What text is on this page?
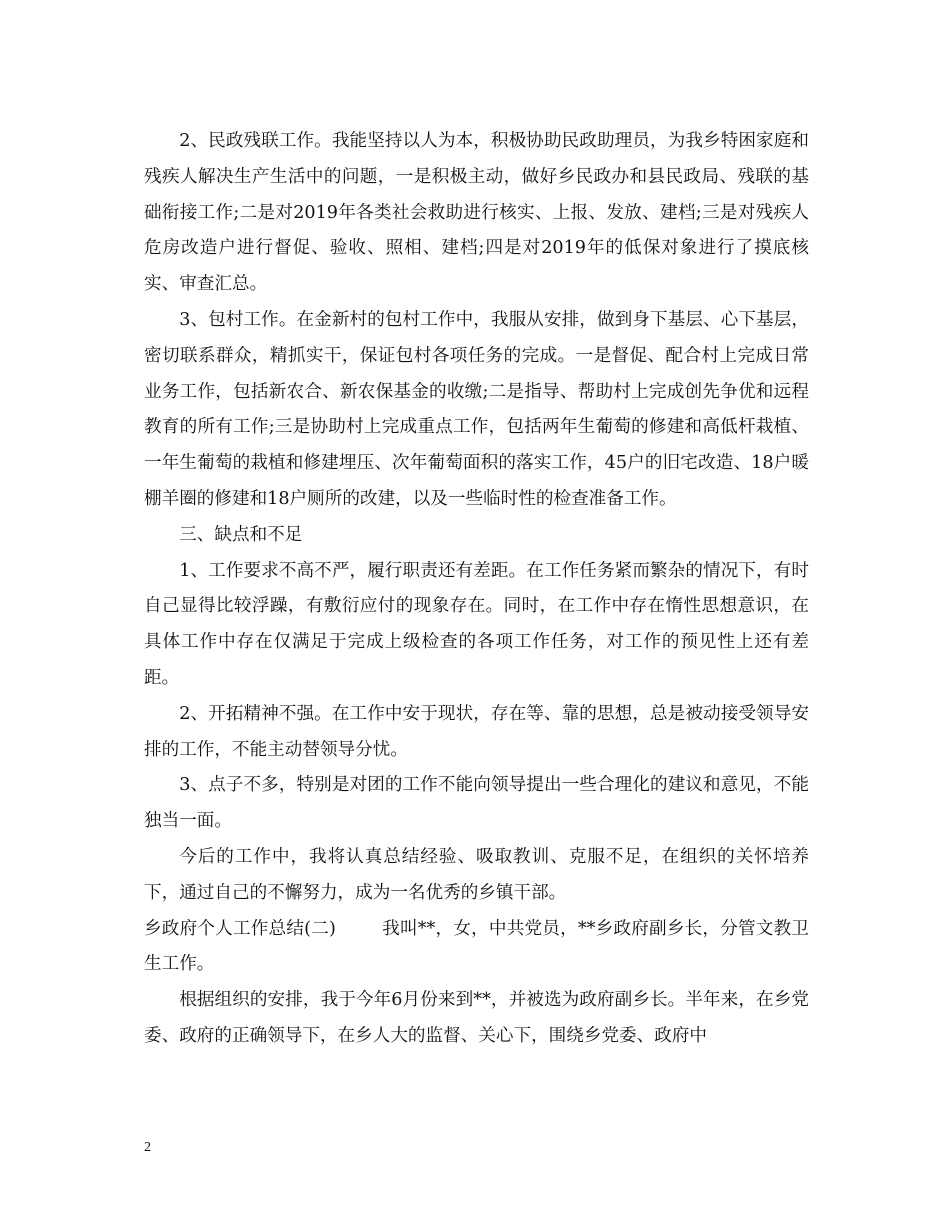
2、民政残联工作。我能坚持以人为本，积极协助民政助理员，为我乡特困家庭和残疾人解决生产生活中的问题，一是积极主动，做好乡民政办和县民政局、残联的基础衔接工作;二是对2019年各类社会救助进行核实、上报、发放、建档;三是对残疾人危房改造户进行督促、验收、照相、建档;四是对2019年的低保对象进行了摸底核实、审查汇总。

3、包村工作。在金新村的包村工作中，我服从安排，做到身下基层、心下基层，密切联系群众，精抓实干，保证包村各项任务的完成。一是督促、配合村上完成日常业务工作，包括新农合、新农保基金的收缴;二是指导、帮助村上完成创先争优和远程教育的所有工作;三是协助村上完成重点工作，包括两年生葡萄的修建和高低杆栽植、一年生葡萄的栽植和修建埋压、次年葡萄面积的落实工作，45户的旧宅改造、18户暖棚羊圈的修建和18户厕所的改建，以及一些临时性的检查准备工作。

三、缺点和不足

1、工作要求不高不严，履行职责还有差距。在工作任务紧而繁杂的情况下，有时自己显得比较浮躁，有敷衍应付的现象存在。同时，在工作中存在惰性思想意识，在具体工作中存在仅满足于完成上级检查的各项工作任务，对工作的预见性上还有差距。

2、开拓精神不强。在工作中安于现状，存在等、靠的思想，总是被动接受领导安排的工作，不能主动替领导分忧。

3、点子不多，特别是对团的工作不能向领导提出一些合理化的建议和意见，不能独当一面。

今后的工作中，我将认真总结经验、吸取教训、克服不足，在组织的关怀培养下，通过自己的不懈努力，成为一名优秀的乡镇干部。

乡政府个人工作总结(二)        我叫**，女，中共党员，**乡政府副乡长，分管文教卫生工作。

根据组织的安排，我于今年6月份来到**，并被选为政府副乡长。半年来，在乡党委、政府的正确领导下，在乡人大的监督、关心下，围绕乡党委、政府中

2
